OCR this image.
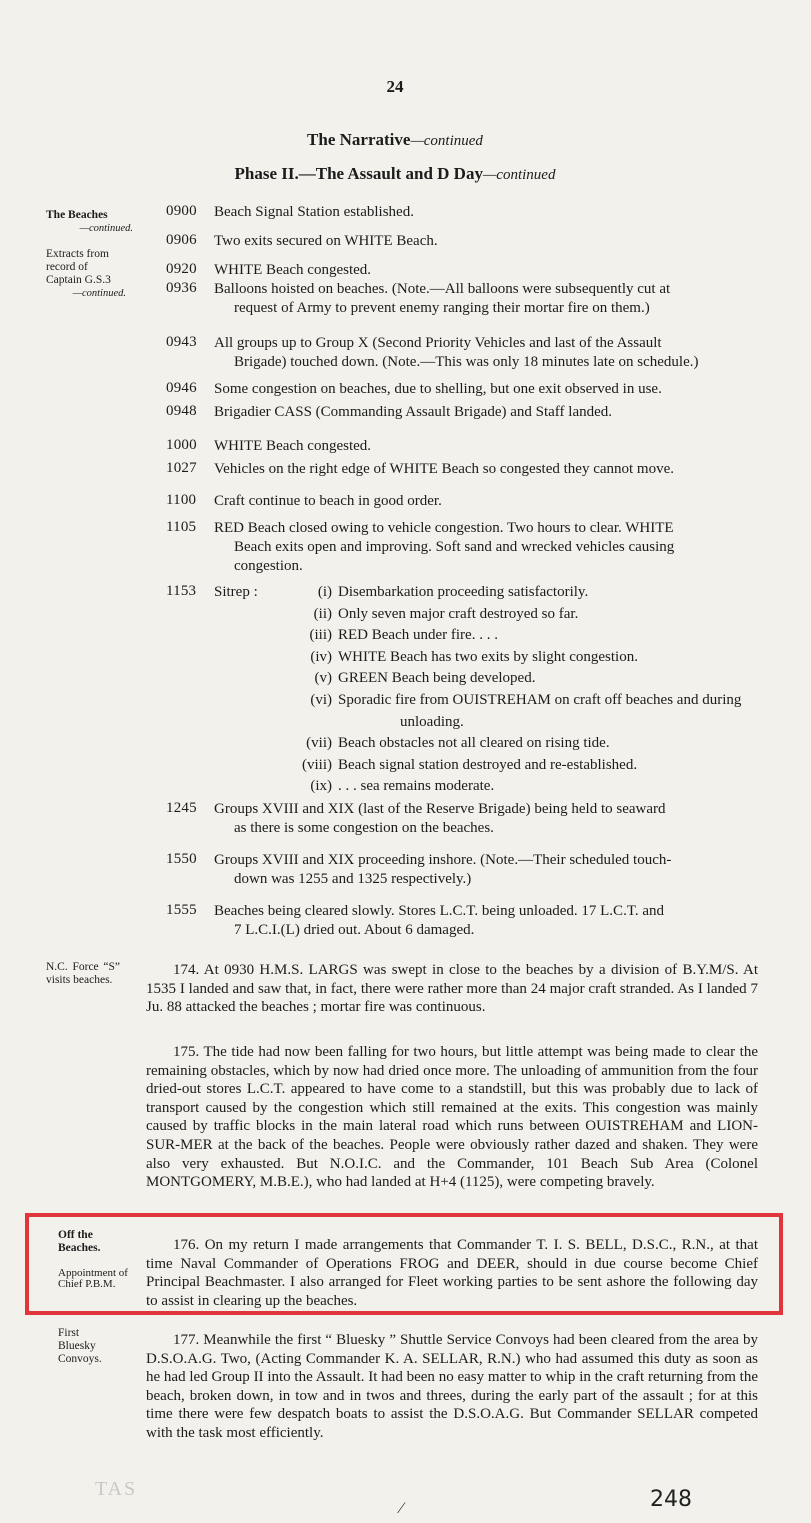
24
The Narrative—continued
Phase II.—The Assault and D Day—continued
The Beaches
—continued.
Extracts from record of Captain G.S.3
—continued.
0900	Beach Signal Station established.
0906	Two exits secured on WHITE Beach.
0920	WHITE Beach congested.
0936	Balloons hoisted on beaches. (Note.—All balloons were subsequently cut at
request of Army to prevent enemy ranging their mortar fire on them.)
0943	All groups up to Group X (Second Priority Vehicles and last of the Assault
Brigade) touched down. (Note.—This was only 18 minutes late on schedule.)
0946	Some congestion on beaches, due to shelling, but one exit observed in use.
0948	Brigadier CASS (Commanding Assault Brigade) and Staff landed.
1000	WHITE Beach congested.
1027	Vehicles on the right edge of WHITE Beach so congested they cannot move.
1100	Craft continue to beach in good order.
1105	RED Beach closed owing to vehicle congestion. Two hours to clear. WHITE
Beach exits open and improving. Soft sand and wrecked vehicles causing
congestion.
1153	Sitrep :	(i) Disembarkation proceeding satisfactorily.
(ii) Only seven major craft destroyed so far.
(iii) RED Beach under fire. . . .
(iv) WHITE Beach has two exits by slight congestion.
(v) GREEN Beach being developed.
(vi) Sporadic fire from OUISTREHAM on craft off beaches and during
unloading.
(vii) Beach obstacles not all cleared on rising tide.
(viii) Beach signal station destroyed and re-established.
(ix) . . . sea remains moderate.
1245	Groups XVIII and XIX (last of the Reserve Brigade) being held to seaward
as there is some congestion on the beaches.
1550	Groups XVIII and XIX proceeding inshore. (Note.—Their scheduled touch-
down was 1255 and 1325 respectively.)
1555	Beaches being cleared slowly. Stores L.C.T. being unloaded. 17 L.C.T. and
7 L.C.I.(L) dried out. About 6 damaged.
N.C. Force “S” visits beaches.
174. At 0930 H.M.S. LARGS was swept in close to the beaches by a division of B.Y.M/S. At 1535 I landed and saw that, in fact, there were rather more than 24 major craft stranded. As I landed 7 Ju. 88 attacked the beaches ; mortar fire was continuous.
175. The tide had now been falling for two hours, but little attempt was being made to clear the remaining obstacles, which by now had dried once more. The unloading of ammunition from the four dried-out stores L.C.T. appeared to have come to a standstill, but this was probably due to lack of transport caused by the congestion which still remained at the exits. This congestion was mainly caused by traffic blocks in the main lateral road which runs between OUISTREHAM and LION-SUR-MER at the back of the beaches. People were obviously rather dazed and shaken. They were also very exhausted. But N.O.I.C. and the Commander, 101 Beach Sub Area (Colonel MONTGOMERY, M.B.E.), who had landed at H+4 (1125), were competing bravely.
Off the Beaches.
Appointment of Chief P.B.M.
176. On my return I made arrangements that Commander T. I. S. BELL, D.S.C., R.N., at that time Naval Commander of Operations FROG and DEER, should in due course become Chief Principal Beachmaster. I also arranged for Fleet working parties to be sent ashore the following day to assist in clearing up the beaches.
First Bluesky Convoys.
177. Meanwhile the first “ Bluesky ” Shuttle Service Convoys had been cleared from the area by D.S.O.A.G. Two, (Acting Commander K. A. SELLAR, R.N.) who had assumed this duty as soon as he had led Group II into the Assault. It had been no easy matter to whip in the craft returning from the beach, broken down, in tow and in twos and threes, during the early part of the assault ; for at this time there were few despatch boats to assist the D.S.O.A.G. But Commander SELLAR competed with the task most efficiently.
TAS
⁄	248
